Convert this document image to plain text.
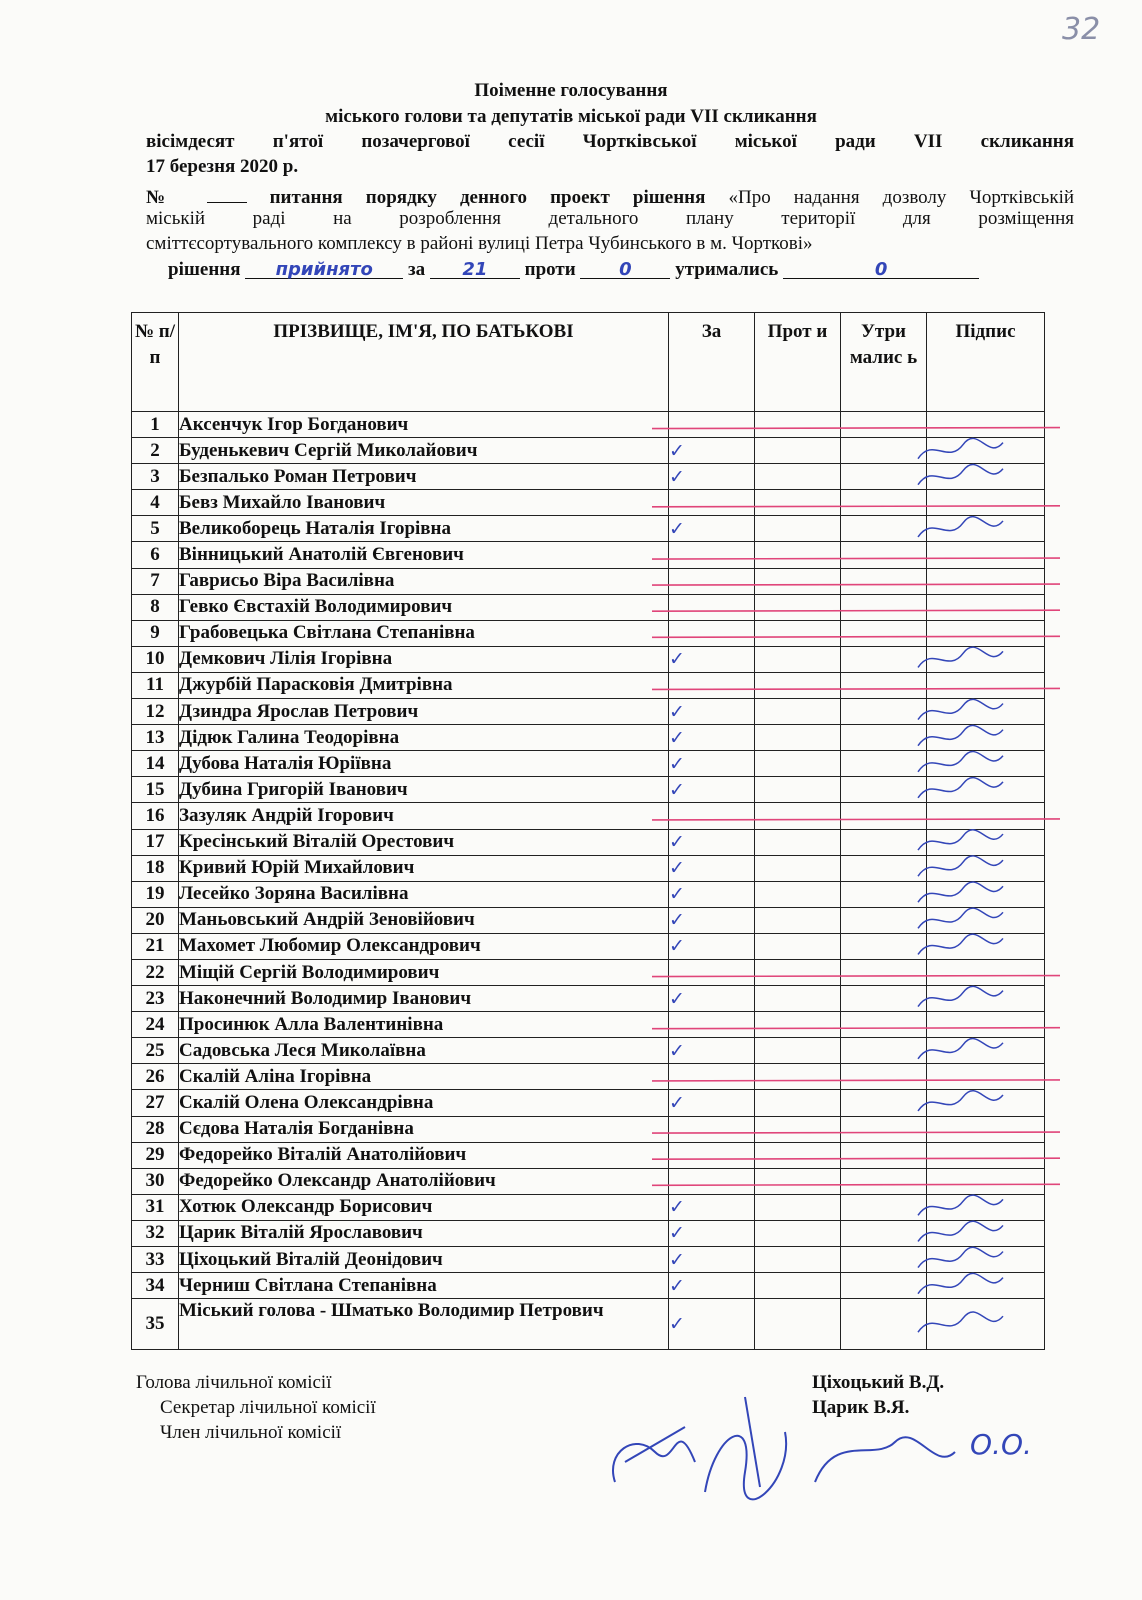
32
Поіменне голосування
міського голови та депутатів міської ради VII скликання
вісімдесят п'ятої позачергової сесії Чортківської міської ради VII скликання
17 березня 2020 р.
№	питання порядку денного проект рішення «Про надання дозволу Чортківській
міській раді на розроблення детального плану території для розміщення
сміттєсортувального комплексу в районі вулиці Петра Чубинського в м. Чорткові»
рішення прийнято за 21 проти 0 утримались	0
№ п/п	ПРІЗВИЩЕ, ІМ'Я, ПО БАТЬКОВІ	За	Прот и	Утри малис ь	Підпис
1	Аксенчук Ігор Богданович				
2	Буденькевич Сергій Миколайович	✓			
3	Безпалько Роман Петрович	✓			
4	Бевз Михайло Іванович				
5	Великоборець Наталія Ігорівна	✓			
6	Вінницький Анатолій Євгенович				
7	Гаврисьо Віра Василівна				
8	Гевко Євстахій Володимирович				
9	Грабовецька Світлана Степанівна				
10	Демкович Лілія Ігорівна	✓			
11	Джурбій Парасковія Дмитрівна				
12	Дзиндра Ярослав Петрович	✓			
13	Дідюк Галина Теодорівна	✓			
14	Дубова Наталія Юріївна	✓			
15	Дубина Григорій Іванович	✓			
16	Зазуляк Андрій Ігорович				
17	Кресінський Віталій Орестович	✓			
18	Кривий Юрій Михайлович	✓			
19	Лесейко Зоряна Василівна	✓			
20	Маньовський Андрій Зеновійович	✓			
21	Махомет Любомир Олександрович	✓			
22	Міщій Сергій Володимирович				
23	Наконечний Володимир Іванович	✓			
24	Просинюк Алла Валентинівна				
25	Садовська Леся Миколаївна	✓			
26	Скалій Аліна Ігорівна				
27	Скалій Олена Олександрівна	✓			
28	Сєдова Наталія Богданівна				
29	Федорейко Віталій Анатолійович				
30	Федорейко Олександр Анатолійович				
31	Хотюк Олександр Борисович	✓			
32	Царик Віталій Ярославович	✓			
33	Ціхоцький Віталій Деонідович	✓			
34	Черниш Світлана Степанівна	✓			
35	Міський голова - Шматько Володимир Петрович	✓			
Голова лічильної комісії	Ціхоцький В.Д.
Секретар лічильної комісії	Царик В.Я.
Член лічильної комісії	О.О.
